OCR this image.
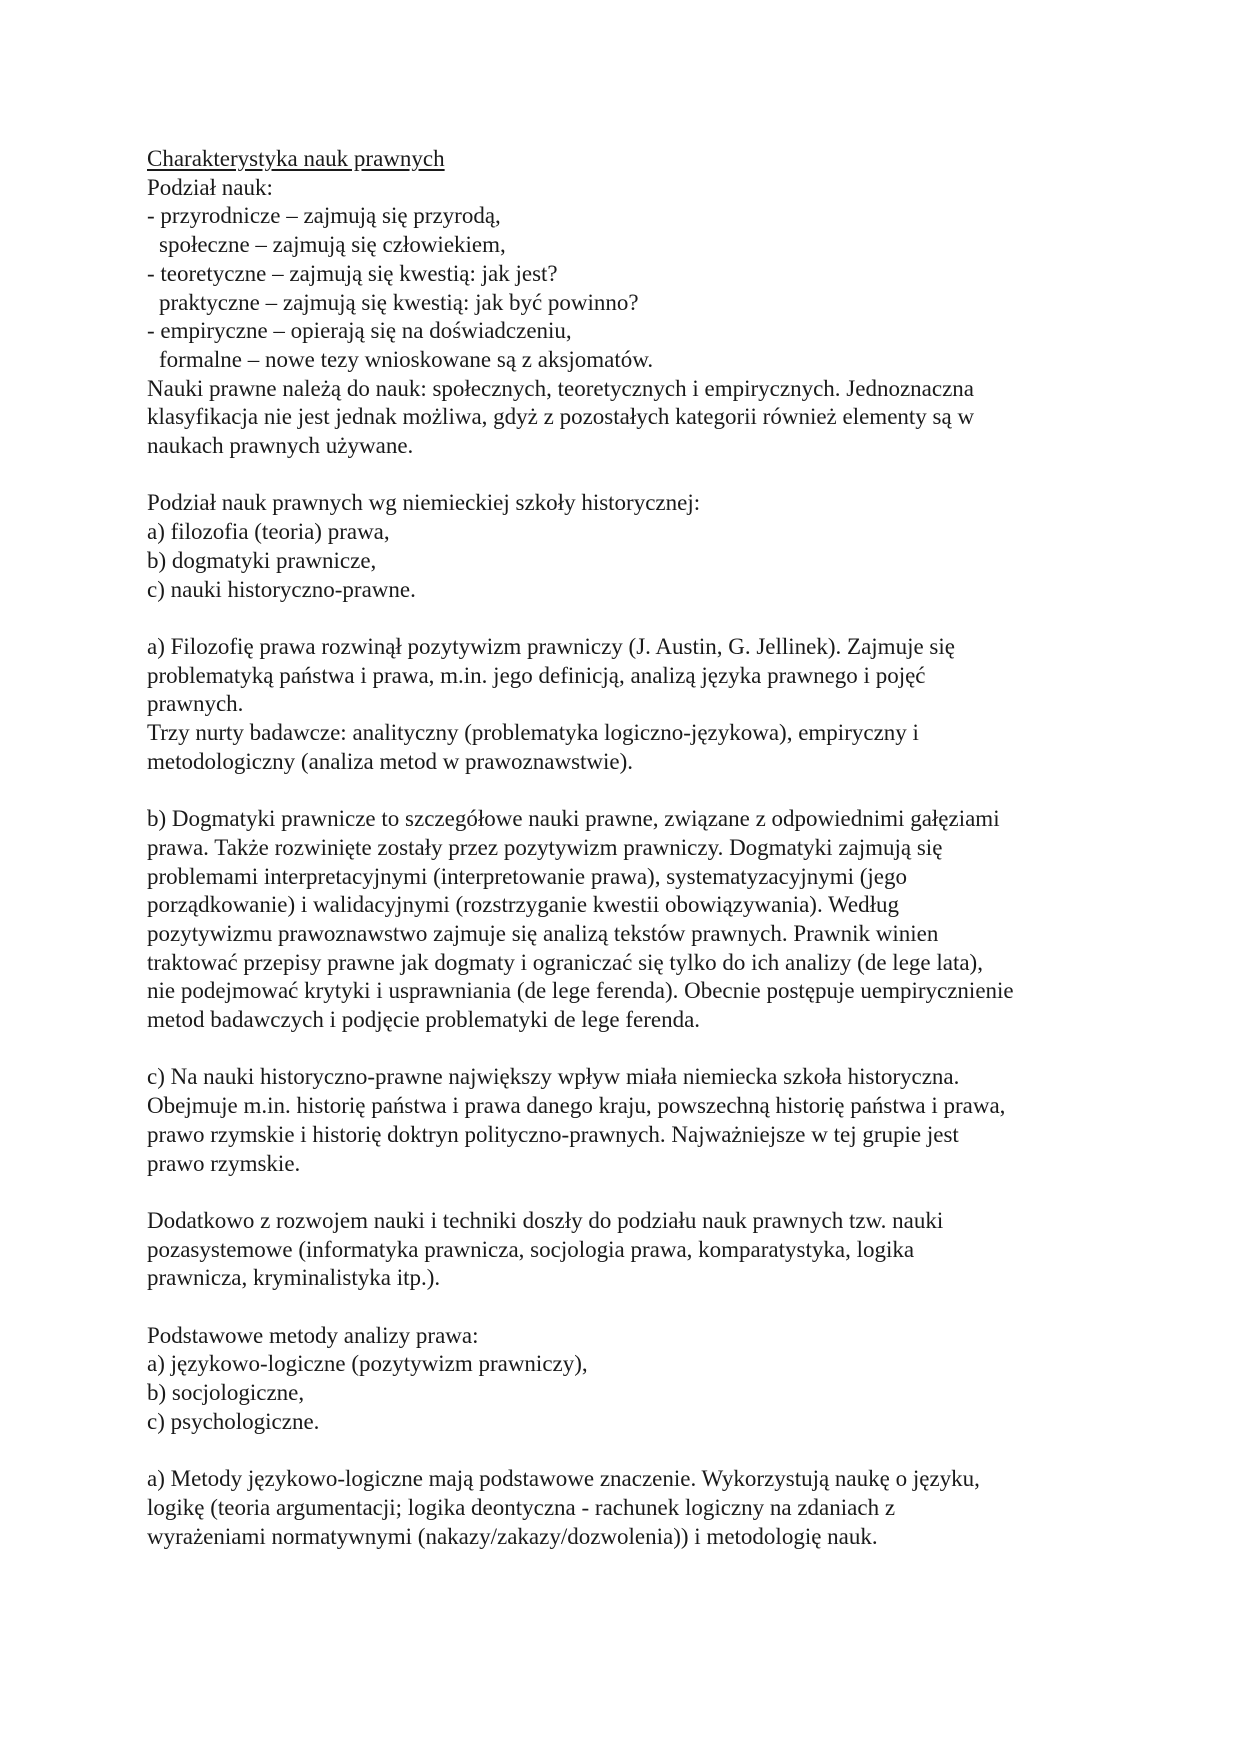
Charakterystyka nauk prawnych
Podział nauk:
- przyrodnicze – zajmują się przyrodą,
społeczne – zajmują się człowiekiem,
- teoretyczne – zajmują się kwestią: jak jest?
praktyczne – zajmują się kwestią: jak być powinno?
- empiryczne – opierają się na doświadczeniu,
formalne – nowe tezy wnioskowane są z aksjomatów.
Nauki prawne należą do nauk: społecznych, teoretycznych i empirycznych. Jednoznaczna
klasyfikacja nie jest jednak możliwa, gdyż z pozostałych kategorii również elementy są w
naukach prawnych używane.
Podział nauk prawnych wg niemieckiej szkoły historycznej:
a) filozofia (teoria) prawa,
b) dogmatyki prawnicze,
c) nauki historyczno-prawne.
a) Filozofię prawa rozwinął pozytywizm prawniczy (J. Austin, G. Jellinek). Zajmuje się
problematyką państwa i prawa, m.in. jego definicją, analizą języka prawnego i pojęć
prawnych.
Trzy nurty badawcze: analityczny (problematyka logiczno-językowa), empiryczny i
metodologiczny (analiza metod w prawoznawstwie).
b) Dogmatyki prawnicze to szczegółowe nauki prawne, związane z odpowiednimi gałęziami
prawa. Także rozwinięte zostały przez pozytywizm prawniczy. Dogmatyki zajmują się
problemami interpretacyjnymi (interpretowanie prawa), systematyzacyjnymi (jego
porządkowanie) i walidacyjnymi (rozstrzyganie kwestii obowiązywania). Według
pozytywizmu prawoznawstwo zajmuje się analizą tekstów prawnych. Prawnik winien
traktować przepisy prawne jak dogmaty i ograniczać się tylko do ich analizy (de lege lata),
nie podejmować krytyki i usprawniania (de lege ferenda). Obecnie postępuje uempirycznienie
metod badawczych i podjęcie problematyki de lege ferenda.
c) Na nauki historyczno-prawne największy wpływ miała niemiecka szkoła historyczna.
Obejmuje m.in. historię państwa i prawa danego kraju, powszechną historię państwa i prawa,
prawo rzymskie i historię doktryn polityczno-prawnych. Najważniejsze w tej grupie jest
prawo rzymskie.
Dodatkowo z rozwojem nauki i techniki doszły do podziału nauk prawnych tzw. nauki
pozasystemowe (informatyka prawnicza, socjologia prawa, komparatystyka, logika
prawnicza, kryminalistyka itp.).
Podstawowe metody analizy prawa:
a) językowo-logiczne (pozytywizm prawniczy),
b) socjologiczne,
c) psychologiczne.
a) Metody językowo-logiczne mają podstawowe znaczenie. Wykorzystują naukę o języku,
logikę (teoria argumentacji; logika deontyczna - rachunek logiczny na zdaniach z
wyrażeniami normatywnymi (nakazy/zakazy/dozwolenia)) i metodologię nauk.
